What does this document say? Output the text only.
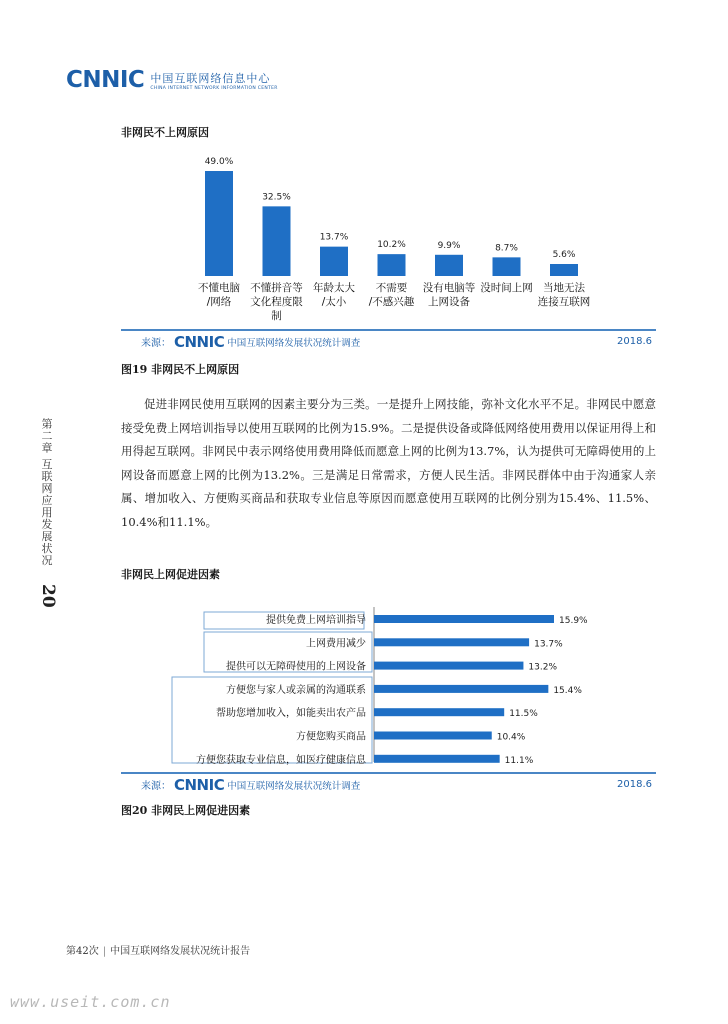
CNNIC 中国互联网络信息中心
CHINA INTERNET NETWORK INFORMATION CENTER
非网民不上网原因
49.0%
不懂电脑
/网络
32.5%
不懂拼音等
文化程度限
制
13.7%
年龄太大
/太小
10.2%
不需要
/不感兴趣
9.9%
没有电脑等
上网设备
8.7%
没时间上网
5.6%
当地无法
连接互联网
来源： CNNIC 中国互联网络发展状况统计调查	2018.6
图19 非网民不上网原因
促进非网民使用互联网的因素主要分为三类。一是提升上网技能，弥补文化水平不足。非网民中愿意接受免费上网培训指导以使用互联网的比例为15.9%。二是提供设备或降低网络使用费用以保证用得上和用得起互联网。非网民中表示网络使用费用降低而愿意上网的比例为13.7%，认为提供可无障碍使用的上网设备而愿意上网的比例为13.2%。三是满足日常需求，方便人民生活。非网民群体中由于沟通家人亲属、增加收入、方便购买商品和获取专业信息等原因而愿意使用互联网的比例分别为15.4%、11.5%、10.4%和11.1%。
非网民上网促进因素
提供免费上网培训指导	15.9%
上网费用减少	13.7%
提供可以无障碍使用的上网设备	13.2%
方便您与家人或亲属的沟通联系	15.4%
帮助您增加收入，如能卖出农产品	11.5%
方便您购买商品	10.4%
方便您获取专业信息，如医疗健康信息	11.1%
来源： CNNIC 中国互联网络发展状况统计调查	2018.6
图20 非网民上网促进因素
第二章 互联网应用发展状况
20
第42次 | 中国互联网络发展状况统计报告
www.useit.com.cn
